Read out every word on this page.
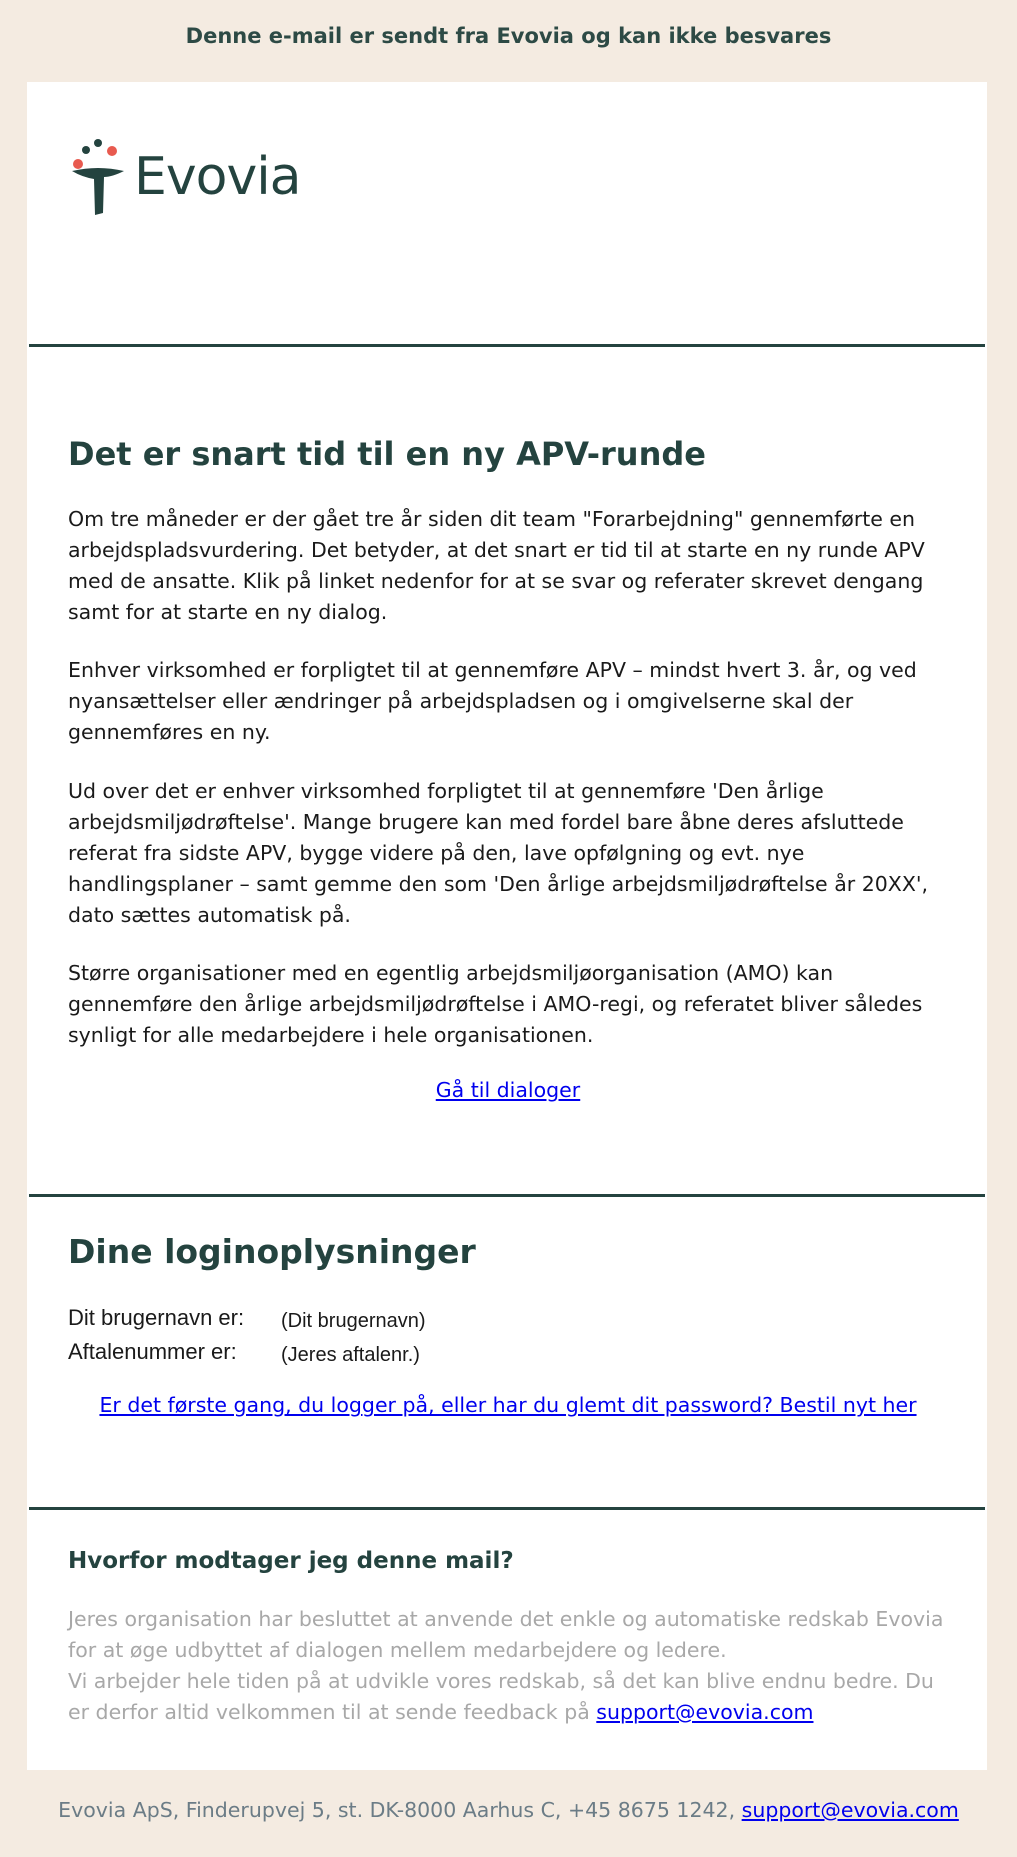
Denne e-mail er sendt fra Evovia og kan ikke besvares
Evovia
Det er snart tid til en ny APV-runde

Om tre måneder er der gået tre år siden dit team "Forarbejdning" gennemførte en arbejdspladsvurdering. Det betyder, at det snart er tid til at starte en ny runde APV med de ansatte. Klik på linket nedenfor for at se svar og referater skrevet dengang samt for at starte en ny dialog.

Enhver virksomhed er forpligtet til at gennemføre APV – mindst hvert 3. år, og ved nyansættelser eller ændringer på arbejdspladsen og i omgivelserne skal der gennemføres en ny.

Ud over det er enhver virksomhed forpligtet til at gennemføre 'Den årlige arbejdsmiljødrøftelse'. Mange brugere kan med fordel bare åbne deres afsluttede referat fra sidste APV, bygge videre på den, lave opfølgning og evt. nye handlingsplaner – samt gemme den som 'Den årlige arbejdsmiljødrøftelse år 20XX', dato sættes automatisk på.

Større organisationer med en egentlig arbejdsmiljøorganisation (AMO) kan gennemføre den årlige arbejdsmiljødrøftelse i AMO-regi, og referatet bliver således synligt for alle medarbejdere i hele organisationen.

Gå til dialoger
Dine loginoplysninger
Dit brugernavn er: (Dit brugernavn)
Aftalenummer er: (Jeres aftalenr.)
Er det første gang, du logger på, eller har du glemt dit password? Bestil nyt her
Hvorfor modtager jeg denne mail?

Jeres organisation har besluttet at anvende det enkle og automatiske redskab Evovia for at øge udbyttet af dialogen mellem medarbejdere og ledere.

Vi arbejder hele tiden på at udvikle vores redskab, så det kan blive endnu bedre. Du er derfor altid velkommen til at sende feedback på support@evovia.com

Evovia ApS, Finderupvej 5, st. DK-8000 Aarhus C, +45 8675 1242, support@evovia.com
